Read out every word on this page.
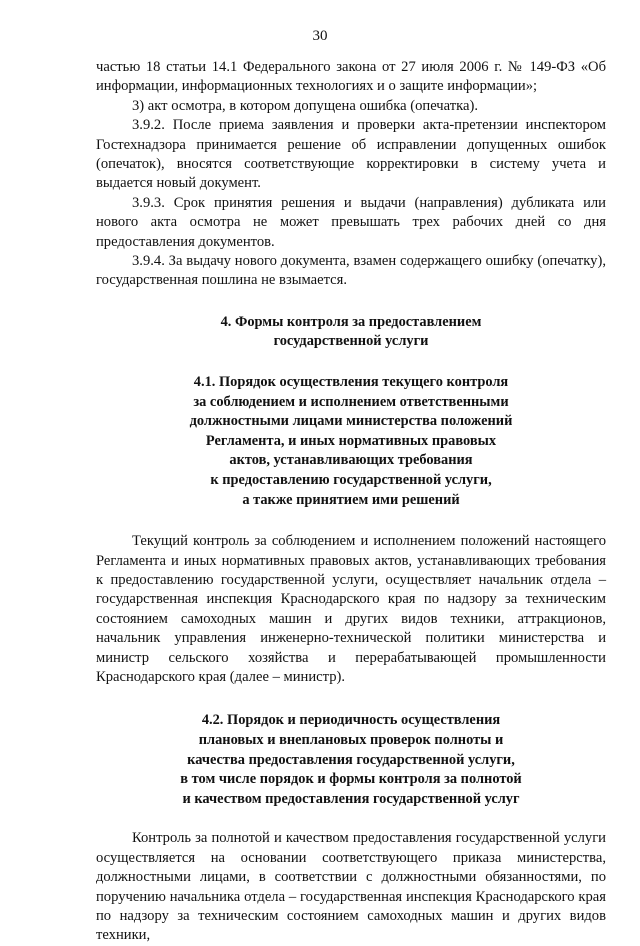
30

частью 18 статьи 14.1 Федерального закона от 27 июля 2006 г. № 149-ФЗ «Об информации, информационных технологиях и о защите информации»;

3) акт осмотра, в котором допущена ошибка (опечатка).

3.9.2. После приема заявления и проверки акта-претензии инспектором Гостехнадзора принимается решение об исправлении допущенных ошибок (опечаток), вносятся соответствующие корректировки в систему учета и выдается новый документ.

3.9.3. Срок принятия решения и выдачи (направления) дубликата или нового акта осмотра не может превышать трех рабочих дней со дня предоставления документов.

3.9.4. За выдачу нового документа, взамен содержащего ошибку (опечатку), государственная пошлина не взымается.

4. Формы контроля за предоставлением
государственной услуги
4.1. Порядок осуществления текущего контроля
за соблюдением и исполнением ответственными
должностными лицами министерства положений
Регламента, и иных нормативных правовых
актов, устанавливающих требования
к предоставлению государственной услуги,
а также принятием ими решений

Текущий контроль за соблюдением и исполнением положений настоящего Регламента и иных нормативных правовых актов, устанавливающих требования к предоставлению государственной услуги, осуществляет начальник отдела – государственная инспекция Краснодарского края по надзору за техническим состоянием самоходных машин и других видов техники, аттракционов, начальник управления инженерно-технической политики министерства и министр сельского хозяйства и перерабатывающей промышленности Краснодарского края (далее – министр).

4.2. Порядок и периодичность осуществления
плановых и внеплановых проверок полноты и
качества предоставления государственной услуги,
в том числе порядок и формы контроля за полнотой
и качеством предоставления государственной услуг

Контроль за полнотой и качеством предоставления государственной услуги осуществляется на основании соответствующего приказа министерства, должностными лицами, в соответствии с должностными обязанностями, по поручению начальника отдела – государственная инспекция Краснодарского края по надзору за техническим состоянием самоходных машин и других видов техники,
